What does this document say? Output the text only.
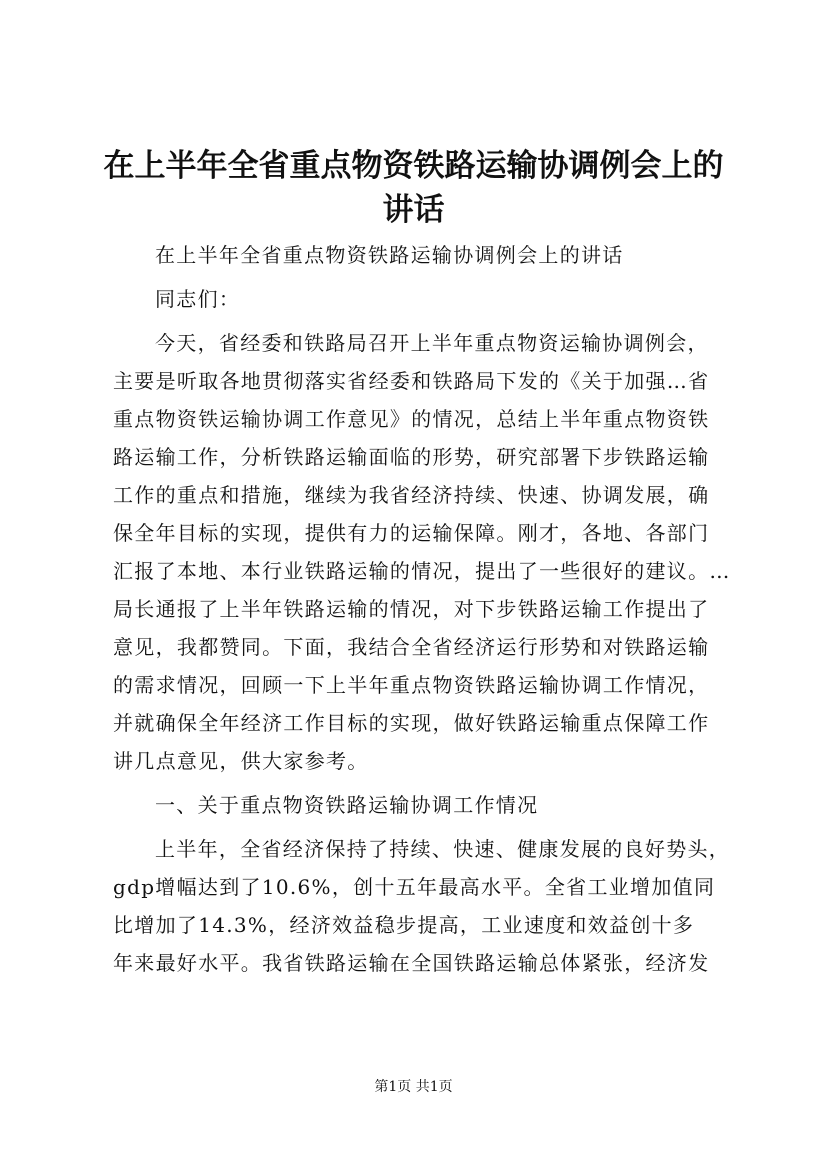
在上半年全省重点物资铁路运输协调例会上的
讲话
在上半年全省重点物资铁路运输协调例会上的讲话
同志们：
今天，省经委和铁路局召开上半年重点物资运输协调例会，
主要是听取各地贯彻落实省经委和铁路局下发的《关于加强…省
重点物资铁运输协调工作意见》的情况，总结上半年重点物资铁
路运输工作，分析铁路运输面临的形势，研究部署下步铁路运输
工作的重点和措施，继续为我省经济持续、快速、协调发展，确
保全年目标的实现，提供有力的运输保障。刚才，各地、各部门
汇报了本地、本行业铁路运输的情况，提出了一些很好的建议。…
局长通报了上半年铁路运输的情况，对下步铁路运输工作提出了
意见，我都赞同。下面，我结合全省经济运行形势和对铁路运输
的需求情况，回顾一下上半年重点物资铁路运输协调工作情况，
并就确保全年经济工作目标的实现，做好铁路运输重点保障工作
讲几点意见，供大家参考。
一、关于重点物资铁路运输协调工作情况
上半年，全省经济保持了持续、快速、健康发展的良好势头，
gdp增幅达到了10.6%，创十五年最高水平。全省工业增加值同
比增加了14.3%，经济效益稳步提高，工业速度和效益创十多
年来最好水平。我省铁路运输在全国铁路运输总体紧张，经济发
第1页 共1页
